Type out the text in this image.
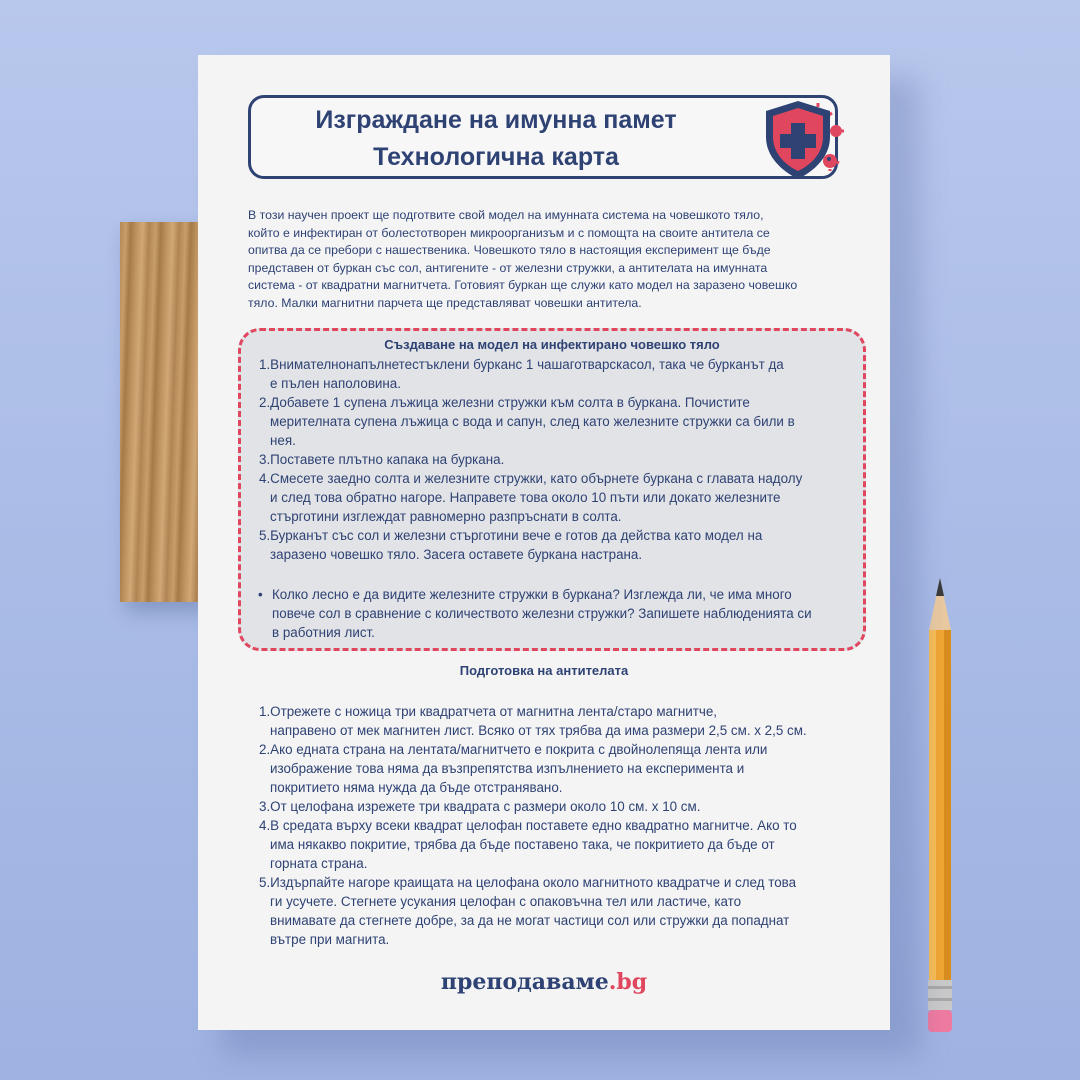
Изграждане на имунна памет
Технологична карта
В този научен проект ще подготвите свой модел на имунната система на човешкото тяло,
който е инфектиран от болестотворен микроорганизъм и с помощта на своите антитела се
опитва да се пребори с нашественика. Човешкото тяло в настоящия експеримент ще бъде
представен от буркан със сол, антигените - от железни стружки, а антителата на имунната
система - от квадратни магнитчета. Готовият буркан ще служи като модел на заразено човешко
тяло. Малки магнитни парчета ще представляват човешки антитела.
Създаване на модел на инфектирано човешко тяло
1.Внимателнонапълнетестъклени бурканс 1 чашаготварскасол, така че бурканът да
е пълен наполовина.
2.Добавете 1 супена лъжица железни стружки към солта в буркана. Почистите
мерителната супена лъжица с вода и сапун, след като железните стружки са били в
нея.
3.Поставете плътно капака на буркана.
4.Смесете заедно солта и железните стружки, като обърнете буркана с главата надолу
и след това обратно нагоре. Направете това около 10 пъти или докато железните
стърготини изглеждат равномерно разпръснати в солта.
5.Бурканът със сол и железни стърготини вече е готов да действа като модел на
заразено човешко тяло. Засега оставете буркана настрана.
• Колко лесно е да видите железните стружки в буркана? Изглежда ли, че има много
повече сол в сравнение с количеството железни стружки? Запишете наблюденията си
в работния лист.
Подготовка на антителата
1.Отрежете с ножица три квадратчета от магнитна лента/старо магнитче,
направено от мек магнитен лист. Всяко от тях трябва да има размери 2,5 см. х 2,5 см.
2.Ако едната страна на лентата/магнитчето е покрита с двойнолепяща лента или
изображение това няма да възпрепятства изпълнението на експеримента и
покритието няма нужда да бъде отстранявано.
3.От целофана изрежете три квадрата с размери около 10 см. х 10 см.
4.В средата върху всеки квадрат целофан поставете едно квадратно магнитче. Ако то
има някакво покритие, трябва да бъде поставено така, че покритието да бъде от
горната страна.
5.Издърпайте нагоре краищата на целофана около магнитното квадратче и след това
ги усучете. Стегнете усукания целофан с опаковъчна тел или ластиче, като
внимавате да стегнете добре, за да не могат частици сол или стружки да попаднат
вътре при магнита.
преподаваме.bg
